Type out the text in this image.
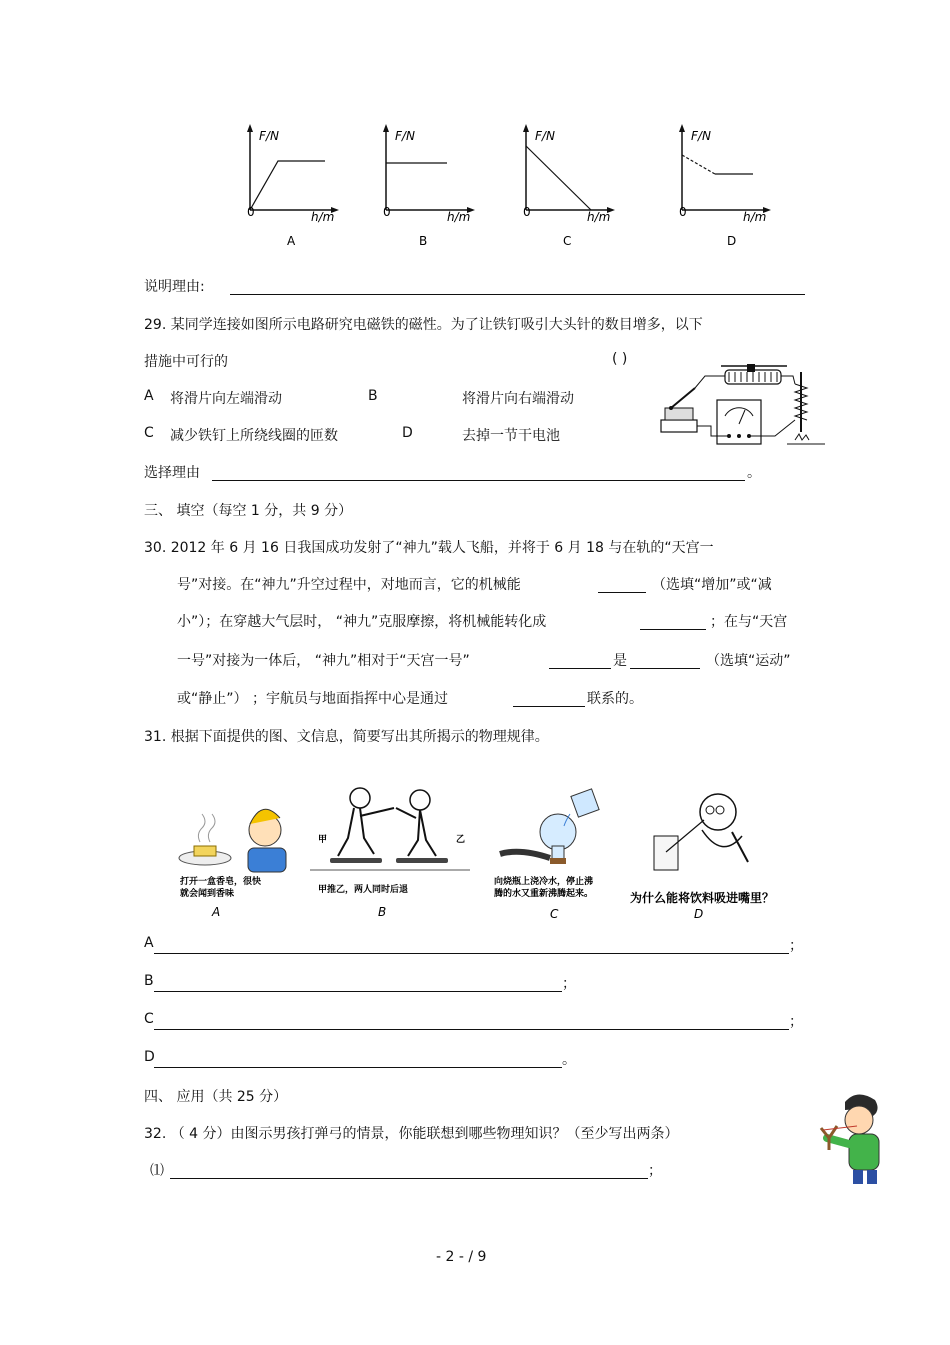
F/N
0	h/m
A
F/N
0	h/m
B
F/N
0	h/m
C
F/N
0	h/m
D
说明理由:
29. 某同学连接如图所示电路研究电磁铁的磁性。为了让铁钉吸引大头针的数目增多，以下
措施中可行的	( )
A 将滑片向左端滑动	B	将滑片向右端滑动
C 减少铁钉上所绕线圈的匝数	D	去掉一节干电池
选择理由	。
三、 填空（每空 1 分，共 9 分）
30. 2012 年 6 月 16 日我国成功发射了“神九”载人飞船，并将于 6 月 18 与在轨的“天宫一
号”对接。在“神九”升空过程中，对地而言，它的机械能	（选填“增加”或“减
小”）；在穿越大气层时， “神九”克服摩擦，将机械能转化成	；在与“天宫
一号”对接为一体后， “神九”相对于“天宫一号”	是	（选填“运动”
或“静止”） ；宇航员与地面指挥中心是通过	联系的。
31. 根据下面提供的图、文信息，简要写出其所揭示的物理规律。
打开一盒香皂，很快
就会闻到香味
A
甲	乙
甲推乙，两人同时后退
B
向烧瓶上浇冷水，停止沸
腾的水又重新沸腾起来。
C
为什么能将饮料吸进嘴里？
D
A	；
B	；
C	；
D	。
四、 应用（共 25 分）
32. （ 4 分）由图示男孩打弹弓的情景，你能联想到哪些物理知识？（至少写出两条）
⑴	；
- 2 - / 9
